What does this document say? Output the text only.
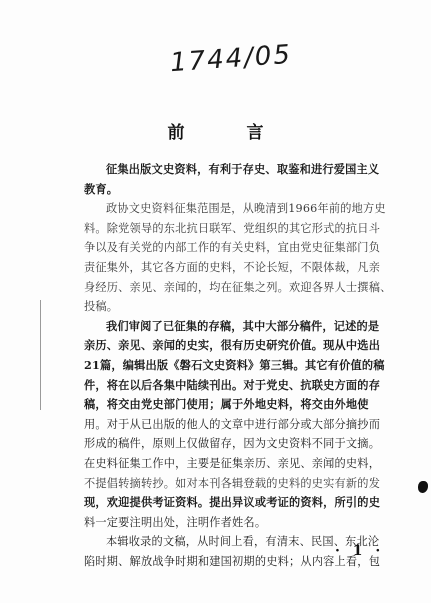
1744/05
前 言
征集出版文史资料，有利于存史、取鉴和进行爱国主义
教育。
政协文史资料征集范围是，从晚清到1966年前的地方史
料。除党领导的东北抗日联军、党组织的其它形式的抗日斗
争以及有关党的内部工作的有关史料，宜由党史征集部门负
责征集外，其它各方面的史料，不论长短，不限体裁，凡亲
身经历、亲见、亲闻的，均在征集之列。欢迎各界人士撰稿、
投稿。
我们审阅了已征集的存稿，其中大部分稿件，记述的是
亲历、亲见、亲闻的史实，很有历史研究价值。现从中选出
21篇，编辑出版《磐石文史资料》第三辑。其它有价值的稿
件，将在以后各集中陆续刊出。对于党史、抗联史方面的存
稿，将交由党史部门使用；属于外地史料，将交由外地使
用。对于从已出版的他人的文章中进行部分或大部分摘抄而
形成的稿件，原则上仅做留存，因为文史资料不同于文摘。
在史料征集工作中，主要是征集亲历、亲见、亲闻的史料，
不提倡转摘转抄。如对本刊各辑登载的史料的史实有新的发
现，欢迎提供考证资料。提出异议或考证的资料，所引的史
料一定要注明出处，注明作者姓名。
本辑收录的文稿，从时间上看，有清末、民国、东北沦
陷时期、解放战争时期和建国初期的史料；从内容上看，包
· 1 ·
